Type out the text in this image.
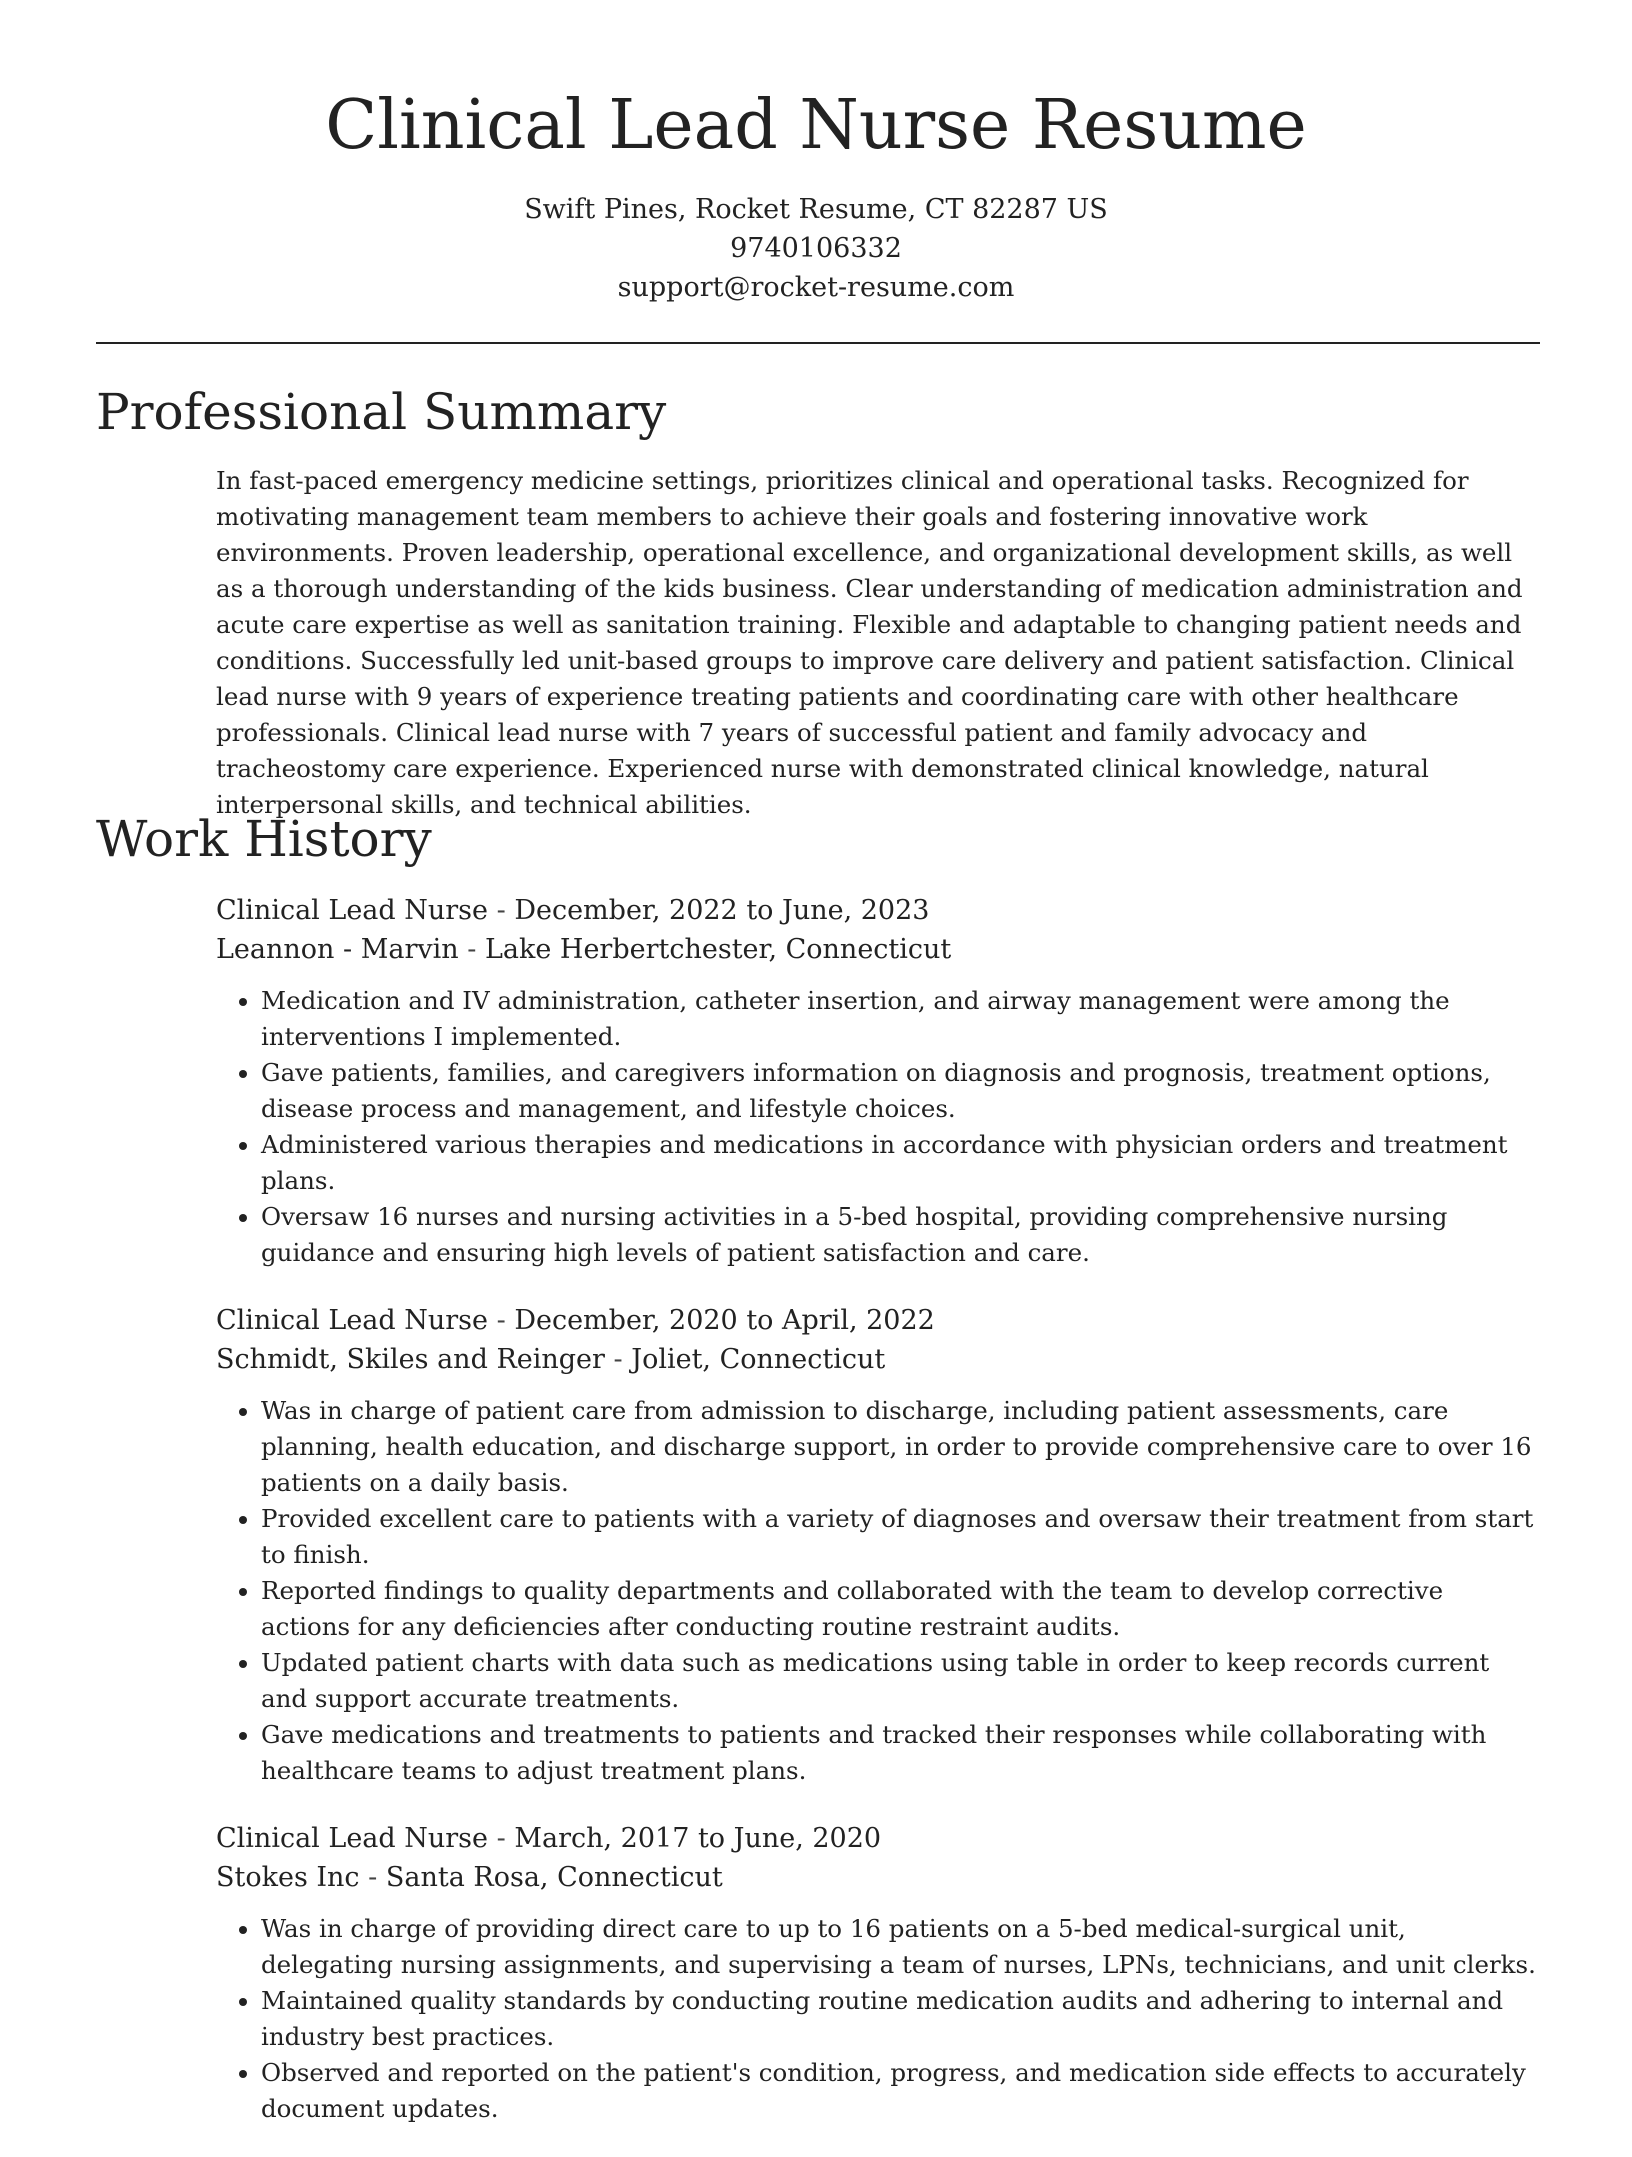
Clinical Lead Nurse Resume
Swift Pines, Rocket Resume, CT 82287 US
9740106332
support@rocket-resume.com
Professional Summary

In fast-paced emergency medicine settings, prioritizes clinical and operational tasks. Recognized for motivating management team members to achieve their goals and fostering innovative work environments. Proven leadership, operational excellence, and organizational development skills, as well as a thorough understanding of the kids business. Clear understanding of medication administration and acute care expertise as well as sanitation training. Flexible and adaptable to changing patient needs and conditions. Successfully led unit-based groups to improve care delivery and patient satisfaction. Clinical lead nurse with 9 years of experience treating patients and coordinating care with other healthcare professionals. Clinical lead nurse with 7 years of successful patient and family advocacy and tracheostomy care experience. Experienced nurse with demonstrated clinical knowledge, natural interpersonal skills, and technical abilities.

Work History
Clinical Lead Nurse - December, 2022 to June, 2023
Leannon - Marvin - Lake Herbertchester, Connecticut
• Medication and IV administration, catheter insertion, and airway management were among the interventions I implemented.
• Gave patients, families, and caregivers information on diagnosis and prognosis, treatment options, disease process and management, and lifestyle choices.
• Administered various therapies and medications in accordance with physician orders and treatment plans.
• Oversaw 16 nurses and nursing activities in a 5-bed hospital, providing comprehensive nursing guidance and ensuring high levels of patient satisfaction and care.
Clinical Lead Nurse - December, 2020 to April, 2022
Schmidt, Skiles and Reinger - Joliet, Connecticut
• Was in charge of patient care from admission to discharge, including patient assessments, care planning, health education, and discharge support, in order to provide comprehensive care to over 16 patients on a daily basis.
• Provided excellent care to patients with a variety of diagnoses and oversaw their treatment from start to finish.
• Reported findings to quality departments and collaborated with the team to develop corrective actions for any deficiencies after conducting routine restraint audits.
• Updated patient charts with data such as medications using table in order to keep records current and support accurate treatments.
• Gave medications and treatments to patients and tracked their responses while collaborating with healthcare teams to adjust treatment plans.
Clinical Lead Nurse - March, 2017 to June, 2020
Stokes Inc - Santa Rosa, Connecticut
• Was in charge of providing direct care to up to 16 patients on a 5-bed medical-surgical unit, delegating nursing assignments, and supervising a team of nurses, LPNs, technicians, and unit clerks.
• Maintained quality standards by conducting routine medication audits and adhering to internal and industry best practices.
• Observed and reported on the patient's condition, progress, and medication side effects to accurately document updates.
